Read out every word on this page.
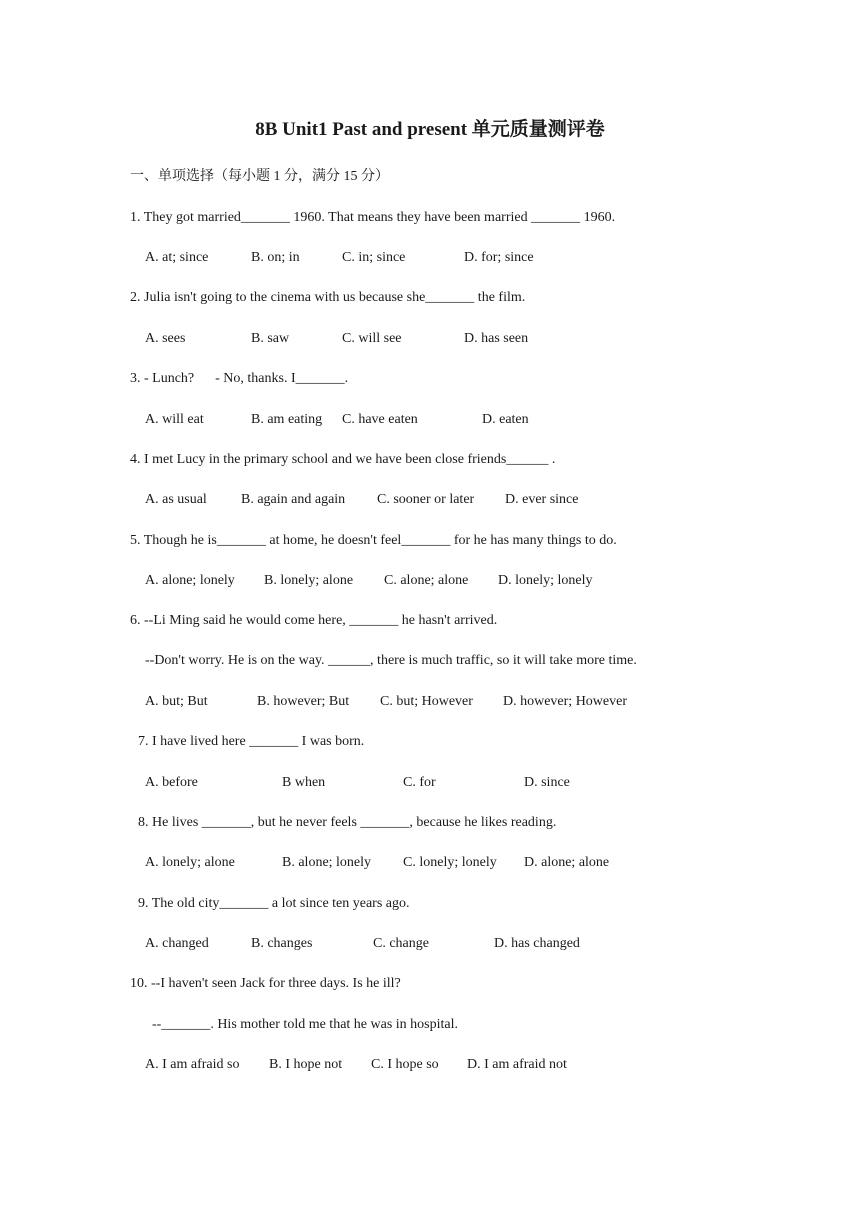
8B Unit1 Past and present 单元质量测评卷
一、单项选择（每小题 1 分，满分 15 分）
1. They got married_______ 1960. That means they have been married _______ 1960.
A. at; since	B. on; in	C. in; since	D. for; since
2. Julia isn't going to the cinema with us because she_______ the film.
A. sees	B. saw	C. will see	D. has seen
3. - Lunch?      - No, thanks. I_______.
A. will eat	B. am eating C. have eaten	D. eaten
4. I met Lucy in the primary school and we have been close friends______ .
A. as usual B. again and again C. sooner or later D. ever since
5. Though he is_______ at home, he doesn't feel_______ for he has many things to do.
A. alone; lonely B. lonely; alone C. alone; alone D. lonely; lonely
6. --Li Ming said he would come here, _______ he hasn't arrived.
--Don't worry. He is on the way. ______, there is much traffic, so it will take more time.
A. but; But	B. however; But C. but; However D. however; However
7. I have lived here _______ I was born.
A. before	B when	C. for	D. since
8. He lives _______, but he never feels _______, because he likes reading.
A. lonely; alone	B. alone; lonely C. lonely; lonely D. alone; alone
9. The old city_______ a lot since ten years ago.
A. changed	B. changes	C. change	D. has changed
10. --I haven't seen Jack for three days. Is he ill?
--_______. His mother told me that he was in hospital.
A. I am afraid so B. I hope not C. I hope so D. I am afraid not
